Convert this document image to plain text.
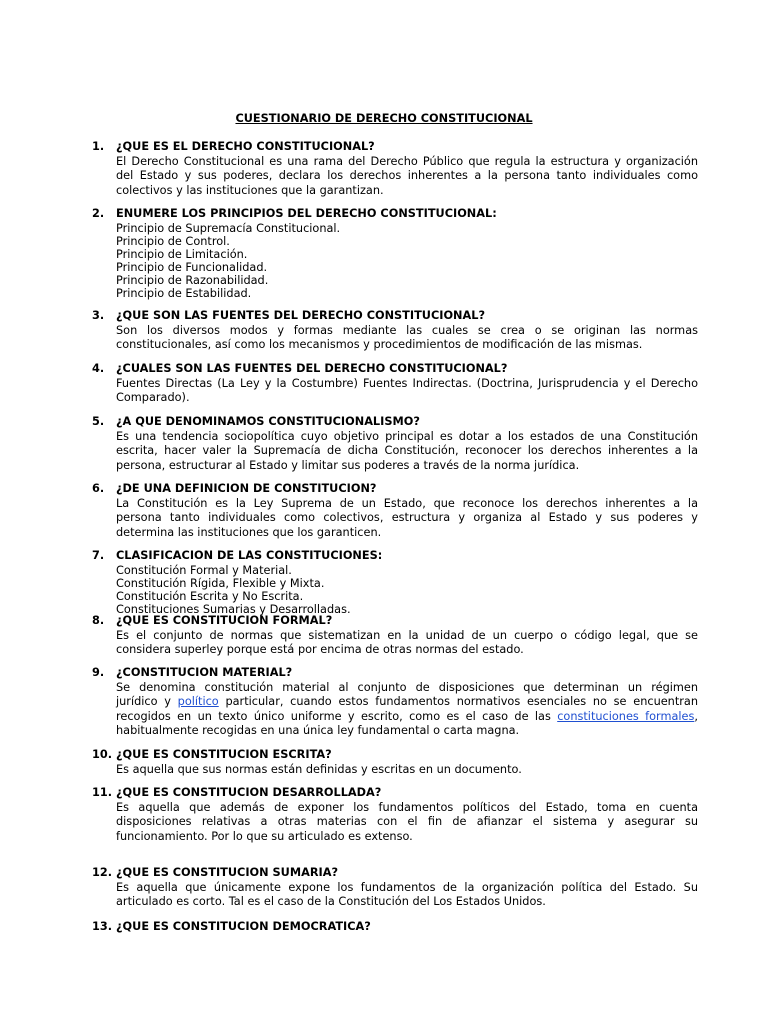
CUESTIONARIO DE DERECHO CONSTITUCIONAL
1. ¿QUE ES EL DERECHO CONSTITUCIONAL?

El Derecho Constitucional es una rama del Derecho Público que regula la estructura y organización

del Estado y sus poderes, declara los derechos inherentes a la persona tanto individuales como

colectivos y las instituciones que la garantizan.

2. ENUMERE LOS PRINCIPIOS DEL DERECHO CONSTITUCIONAL:

Principio de Supremacía Constitucional.

Principio de Control.

Principio de Limitación.

Principio de Funcionalidad.

Principio de Razonabilidad.

Principio de Estabilidad.

3. ¿QUE SON LAS FUENTES DEL DERECHO CONSTITUCIONAL?

Son los diversos modos y formas mediante las cuales se crea o se originan las normas

constitucionales, así como los mecanismos y procedimientos de modificación de las mismas.

4. ¿CUALES SON LAS FUENTES DEL DERECHO CONSTITUCIONAL?

Fuentes Directas (La Ley y la Costumbre) Fuentes Indirectas. (Doctrina, Jurisprudencia y el Derecho

Comparado).

5. ¿A QUE DENOMINAMOS CONSTITUCIONALISMO?

Es una tendencia sociopolítica cuyo objetivo principal es dotar a los estados de una Constitución

escrita, hacer valer la Supremacía de dicha Constitución, reconocer los derechos inherentes a la

persona, estructurar al Estado y limitar sus poderes a través de la norma jurídica.

6. ¿DE UNA DEFINICION DE CONSTITUCION?

La Constitución es la Ley Suprema de un Estado, que reconoce los derechos inherentes a la

persona tanto individuales como colectivos, estructura y organiza al Estado y sus poderes y

determina las instituciones que los garanticen.

7. CLASIFICACION DE LAS CONSTITUCIONES:

Constitución Formal y Material.

Constitución Rígida, Flexible y Mixta.

Constitución Escrita y No Escrita.

Constituciones Sumarias y Desarrolladas.

8. ¿QUE ES CONSTITUCION FORMAL?

Es el conjunto de normas que sistematizan en la unidad de un cuerpo o código legal, que se

considera superley porque está por encima de otras normas del estado.

9. ¿CONSTITUCION MATERIAL?

Se denomina constitución material al conjunto de disposiciones que determinan un régimen

jurídico y político particular, cuando estos fundamentos normativos esenciales no se encuentran

recogidos en un texto único uniforme y escrito, como es el caso de las constituciones formales,

habitualmente recogidas en una única ley fundamental o carta magna.

10. ¿QUE ES CONSTITUCION ESCRITA?

Es aquella que sus normas están definidas y escritas en un documento.

11. ¿QUE ES CONSTITUCION DESARROLLADA?

Es aquella que además de exponer los fundamentos políticos del Estado, toma en cuenta

disposiciones relativas a otras materias con el fin de afianzar el sistema y asegurar su

funcionamiento. Por lo que su articulado es extenso.

12. ¿QUE ES CONSTITUCION SUMARIA?

Es aquella que únicamente expone los fundamentos de la organización política del Estado. Su

articulado es corto. Tal es el caso de la Constitución del Los Estados Unidos.

13. ¿QUE ES CONSTITUCION DEMOCRATICA?
